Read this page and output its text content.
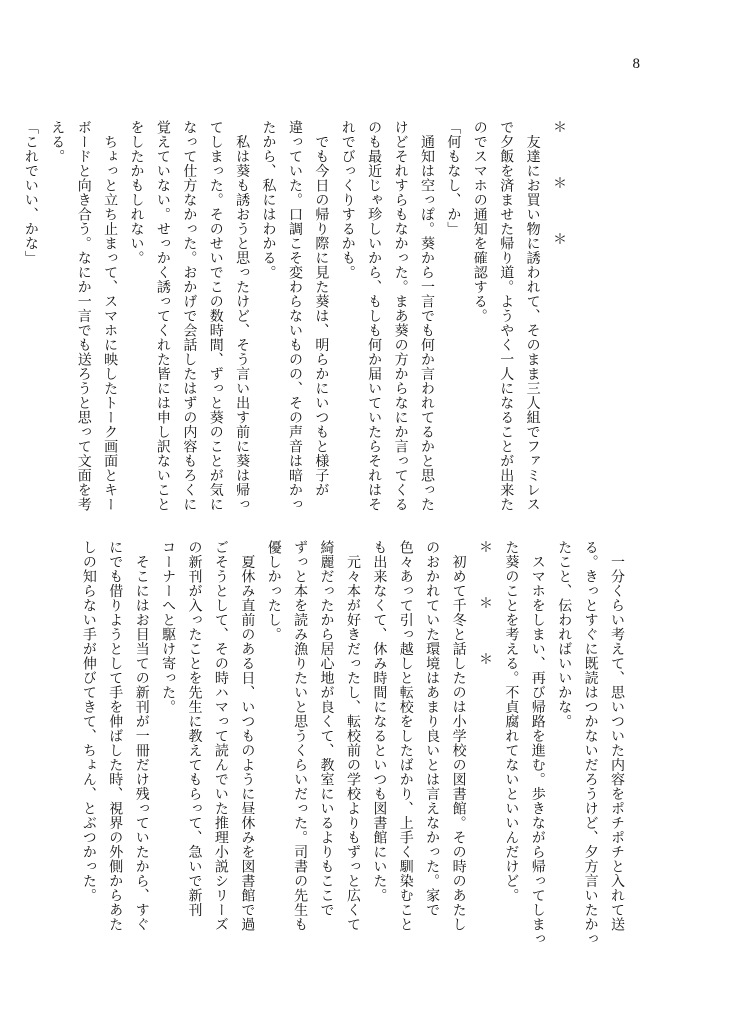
8
＊　　　＊　　　＊
　友達にお買い物に誘われて、そのまま三人組でファミレス
で夕飯を済ませた帰り道。ようやく一人になることが出来た
のでスマホの通知を確認する。
「何もなし、か」
　通知は空っぽ。葵から一言でも何か言われてるかと思った
けどそれすらもなかった。まあ葵の方からなにか言ってくる
のも最近じゃ珍しいから、もしも何か届いていたらそれはそ
れでびっくりするかも。
　でも今日の帰り際に見た葵は、明らかにいつもと様子が
違っていた。口調こそ変わらないものの、その声音は暗かっ
たから、私にはわかる。
　私は葵も誘おうと思ったけど、そう言い出す前に葵は帰っ
てしまった。そのせいでこの数時間、ずっと葵のことが気に
なって仕方なかった。おかげで会話したはずの内容もろくに
覚えていない。せっかく誘ってくれた皆には申し訳ないこと
をしたかもしれない。
　ちょっと立ち止まって、スマホに映したトーク画面とキー
ボードと向き合う。なにか一言でも送ろうと思って文面を考
える。
「これでいい、かな」
　一分くらい考えて、思いついた内容をポチポチと入れて送
る。きっとすぐに既読はつかないだろうけど、夕方言いたかっ
たこと、伝わればいいかな。
　スマホをしまい、再び帰路を進む。歩きながら帰ってしまっ
た葵のことを考える。不貞腐れてないといいんだけど。
＊　　　＊　　　＊
　初めて千冬と話したのは小学校の図書館。その時のあたし
のおかれていた環境はあまり良いとは言えなかった。家で
色々あって引っ越しと転校をしたばかり、上手く馴染むこと
も出来なくて、休み時間になるといつも図書館にいた。
　元々本が好きだったし、転校前の学校よりもずっと広くて
綺麗だったから居心地が良くて、教室にいるよりもここで
ずっと本を読み漁りたいと思うくらいだった。司書の先生も
優しかったし。
　夏休み直前のある日、いつものように昼休みを図書館で過
ごそうとして、その時ハマって読んでいた推理小説シリーズ
の新刊が入ったことを先生に教えてもらって、急いで新刊
コーナーへと駆け寄った。
　そこにはお目当ての新刊が一冊だけ残っていたから、すぐ
にでも借りようとして手を伸ばした時、視界の外側からあた
しの知らない手が伸びてきて、ちょん、とぶつかった。
